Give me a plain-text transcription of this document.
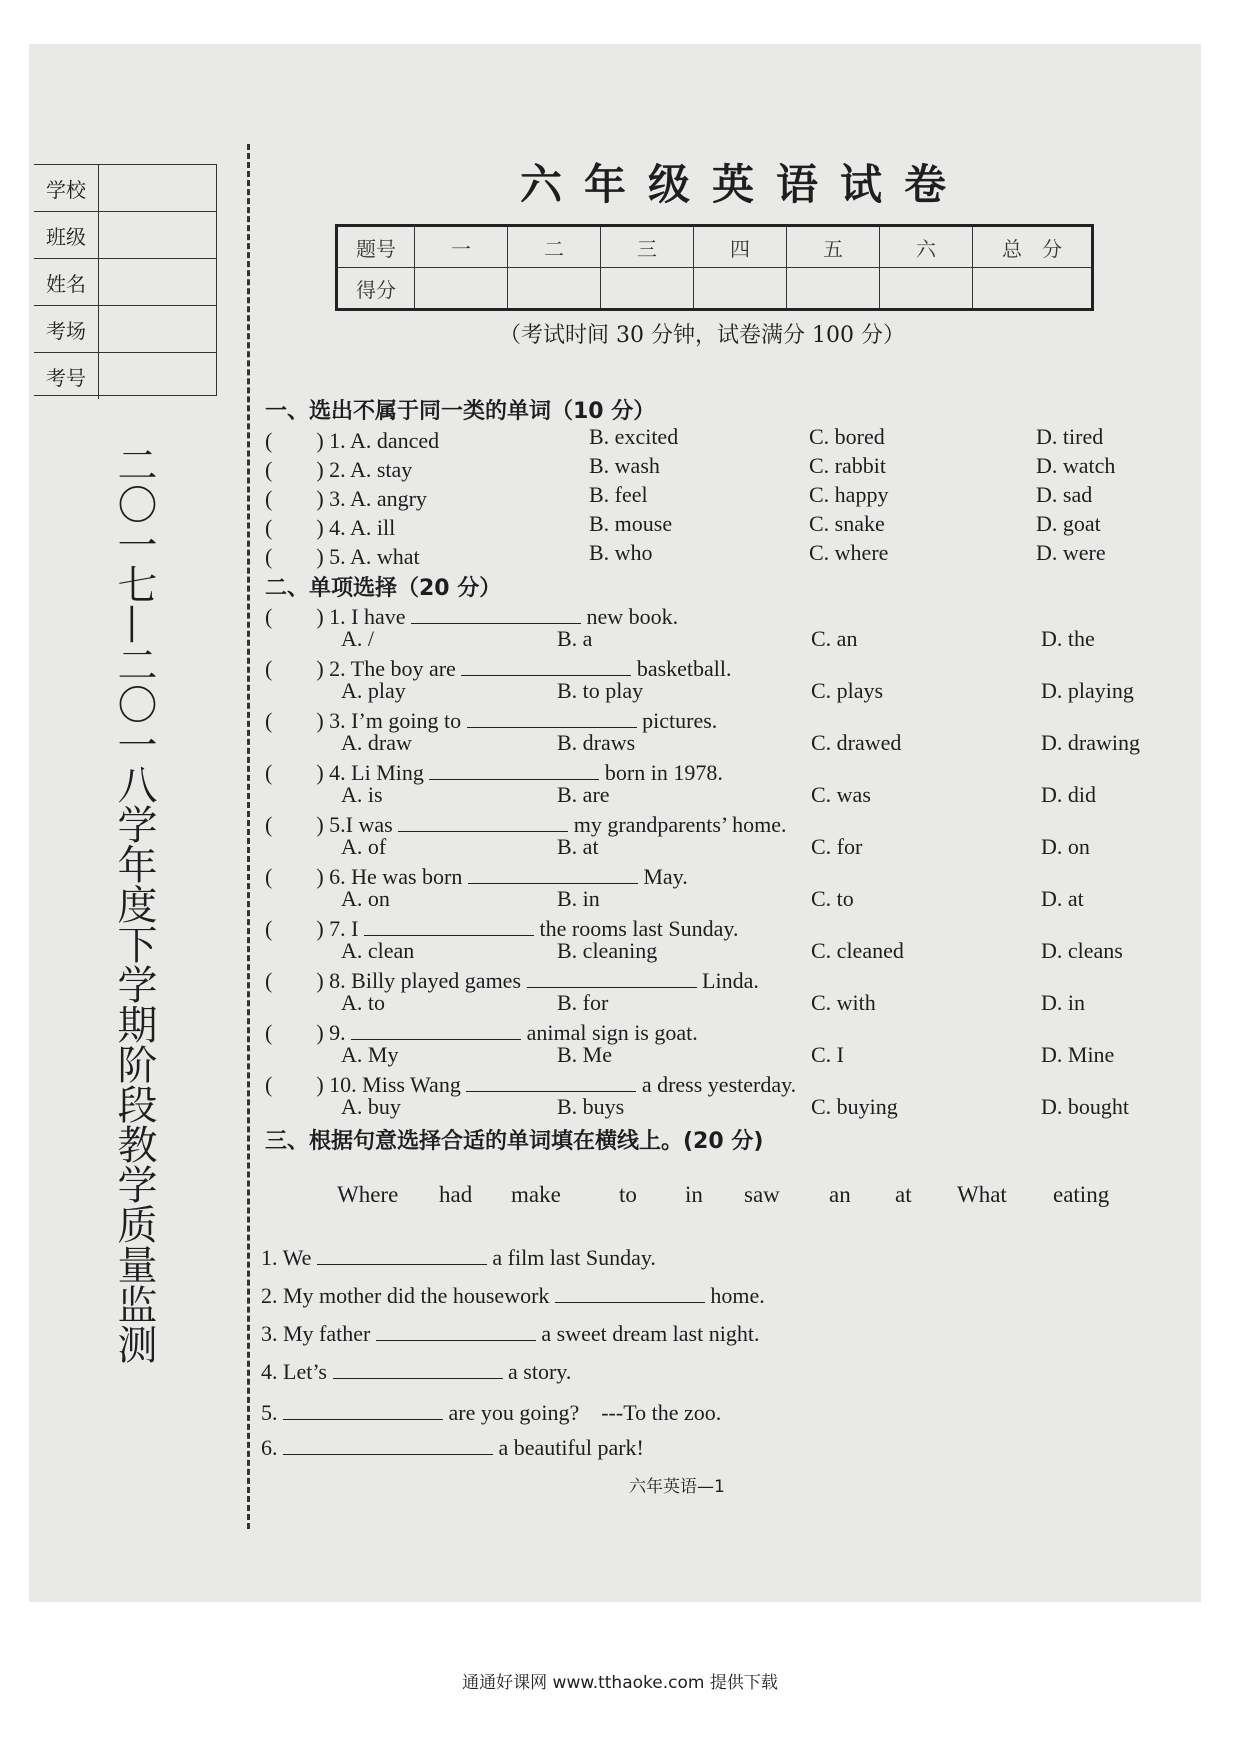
学校
班级
姓名
考场
考号
二〇一七—二〇一八学年度下学期阶段教学质量监测
六年级英语试卷
题号	一	二	三	四	五	六	总　分
得分							
（考试时间 30 分钟，试卷满分 100 分）
一、选出不属于同一类的单词（10 分）
(　　) 1. A. danced	B. excited	C. bored	D. tired
(　　) 2. A. stay	B. wash	C. rabbit	D. watch
(　　) 3. A. angry	B. feel	C. happy	D. sad
(　　) 4. A. ill	B. mouse	C. snake	D. goat
(　　) 5. A. what	B. who	C. where	D. were
二、单项选择（20 分）
(　　) 1. I have	new book.
A. /	B. a	C. an	D. the
(　　) 2. The boy are	basketball.
A. play	B. to play	C. plays	D. playing
(　　) 3. I’m going to	pictures.
A. draw	B. draws	C. drawed	D. drawing
(　　) 4. Li Ming	born in 1978.
A. is	B. are	C. was	D. did
(　　) 5.I was	my grandparents’ home.
A. of	B. at	C. for	D. on
(　　) 6. He was born	May.
A. on	B. in	C. to	D. at
(　　) 7. I	the rooms last Sunday.
A. clean	B. cleaning	C. cleaned	D. cleans
(　　) 8. Billy played games	Linda.
A. to	B. for	C. with	D. in
(　　) 9.	animal sign is goat.
A. My	B. Me	C. I	D. Mine
(　　) 10. Miss Wang	a dress yesterday.
A. buy	B. buys	C. buying	D. bought
三、根据句意选择合适的单词填在横线上。(20 分)
Where had make	to in saw an at What eating
1. We	a film last Sunday.
2. My mother did the housework	home.
3. My father	a sweet dream last night.
4. Let’s	a story.
5.	are you going?　---To the zoo.
6.	a beautiful park!
六年英语—1
通通好课网 www.tthaoke.com 提供下载
